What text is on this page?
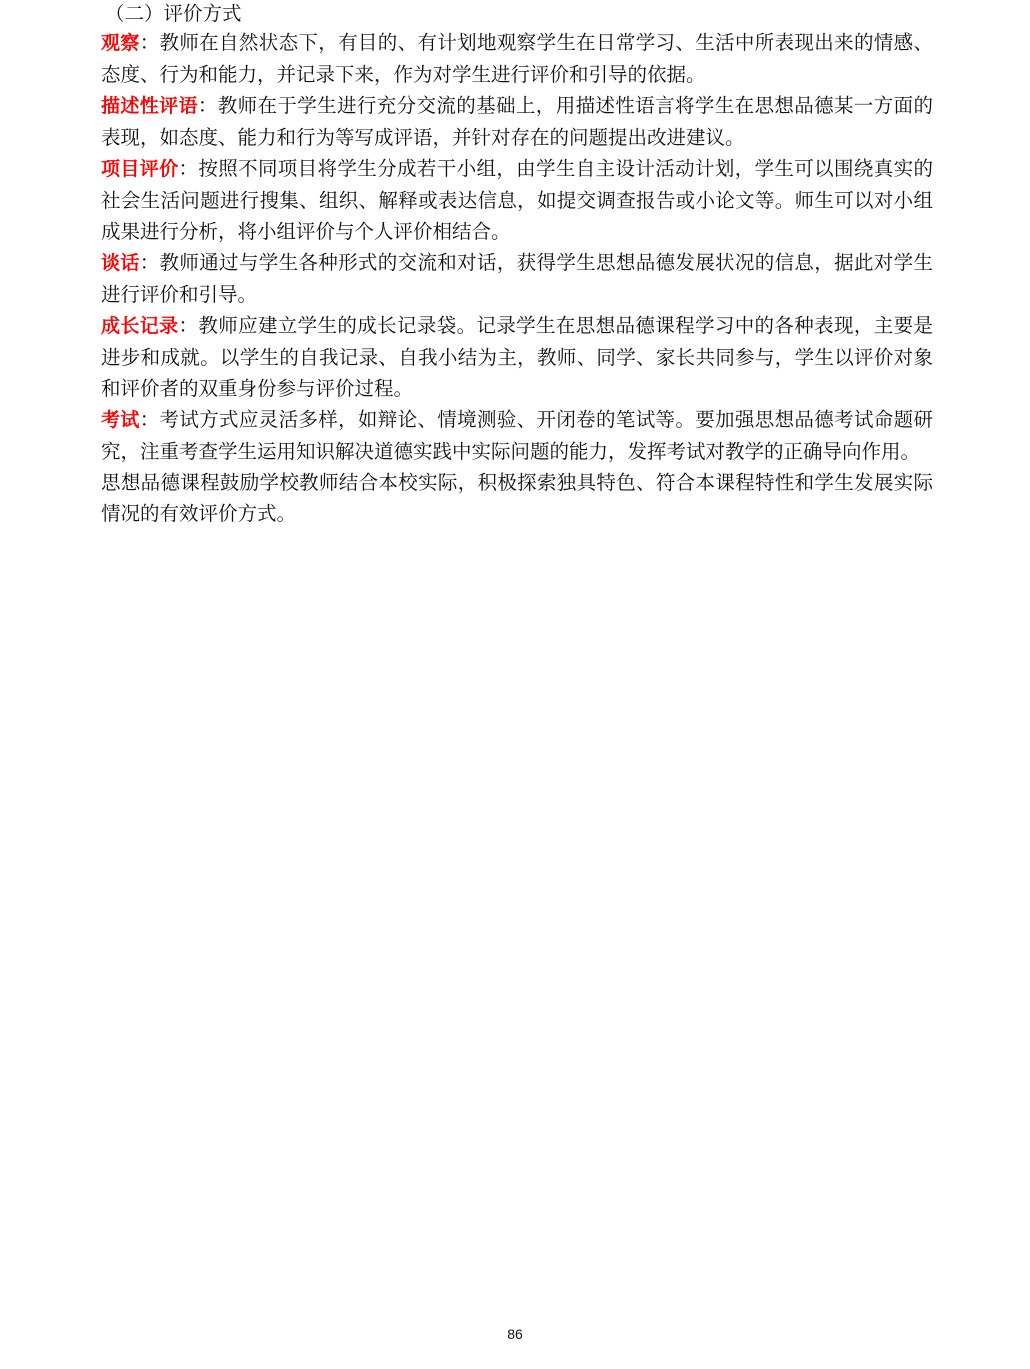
（二）评价方式

观察：教师在自然状态下，有目的、有计划地观察学生在日常学习、生活中所表现出来的情感、态度、行为和能力，并记录下来，作为对学生进行评价和引导的依据。

描述性评语：教师在于学生进行充分交流的基础上，用描述性语言将学生在思想品德某一方面的表现，如态度、能力和行为等写成评语，并针对存在的问题提出改进建议。

项目评价：按照不同项目将学生分成若干小组，由学生自主设计活动计划，学生可以围绕真实的社会生活问题进行搜集、组织、解释或表达信息，如提交调查报告或小论文等。师生可以对小组成果进行分析，将小组评价与个人评价相结合。

谈话：教师通过与学生各种形式的交流和对话，获得学生思想品德发展状况的信息，据此对学生进行评价和引导。

成长记录：教师应建立学生的成长记录袋。记录学生在思想品德课程学习中的各种表现，主要是进步和成就。以学生的自我记录、自我小结为主，教师、同学、家长共同参与，学生以评价对象和评价者的双重身份参与评价过程。

考试：考试方式应灵活多样，如辩论、情境测验、开闭卷的笔试等。要加强思想品德考试命题研究，注重考查学生运用知识解决道德实践中实际问题的能力，发挥考试对教学的正确导向作用。

思想品德课程鼓励学校教师结合本校实际，积极探索独具特色、符合本课程特性和学生发展实际情况的有效评价方式。

86
